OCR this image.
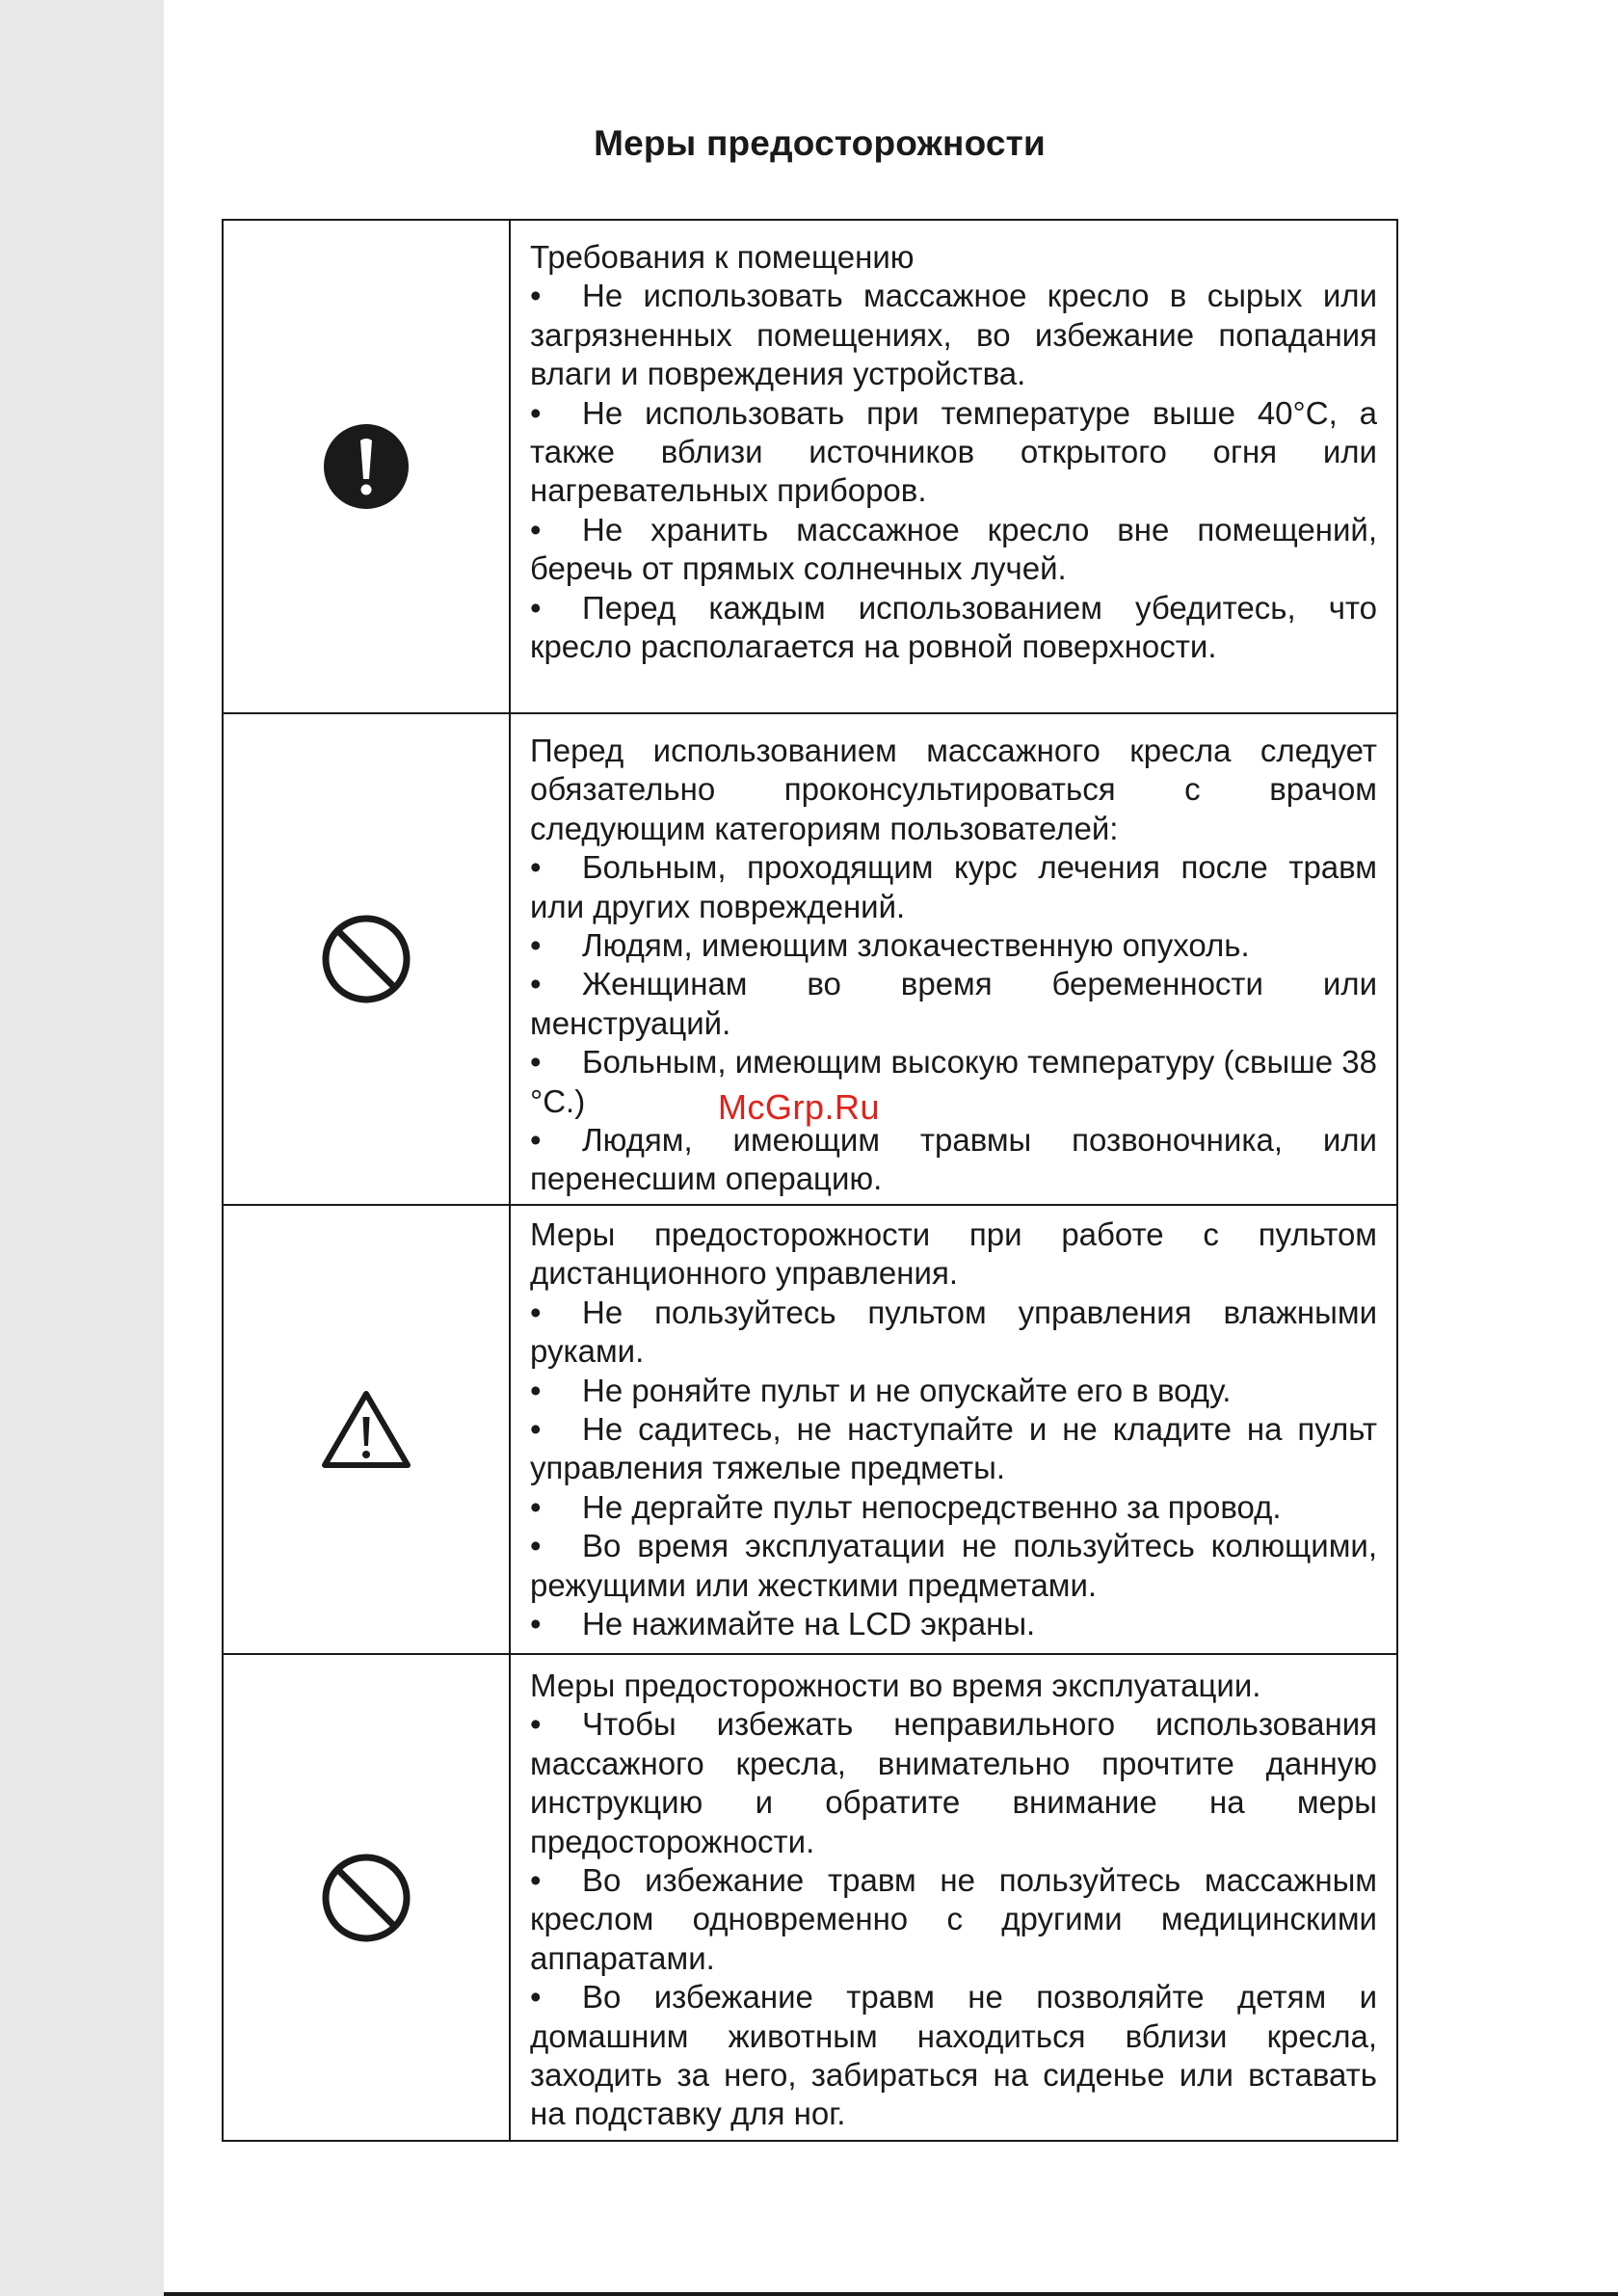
Меры предосторожности

Требования к помещению

• Не использовать массажное кресло в сырых или загрязненных помещениях, во избежание попадания влаги и повреждения устройства.
• Не использовать при температуре выше 40°С, а также вблизи источников открытого огня или нагревательных приборов.
• Не хранить массажное кресло вне помещений, беречь от прямых солнечных лучей.
• Перед каждым использованием убедитесь, что кресло располагается на ровной поверхности.

Перед использованием массажного кресла следует обязательно проконсультироваться с врачом следующим категориям пользователей:

• Больным, проходящим курс лечения после травм или других повреждений.
• Людям, имеющим злокачественную опухоль.
• Женщинам во время беременности или менструаций.
• Больным, имеющим высокую температуру (свыше 38 °С.)
• Людям, имеющим травмы позвоночника, или перенесшим операцию.

Меры предосторожности при работе с пультом дистанционного управления.

• Не пользуйтесь пультом управления влажными руками.
• Не роняйте пульт и не опускайте его в воду.
• Не садитесь, не наступайте и не кладите на пульт управления тяжелые предметы.
• Не дергайте пульт непосредственно за провод.
• Во время эксплуатации не пользуйтесь колющими, режущими или жесткими предметами.
• Не нажимайте на LCD экраны.

Меры предосторожности во время эксплуатации.

• Чтобы избежать неправильного использования массажного кресла, внимательно прочтите данную инструкцию и обратите внимание на меры предосторожности.
• Во избежание травм не пользуйтесь массажным креслом одновременно с другими медицинскими аппаратами.
• Во избежание травм не позволяйте детям и домашним животным находиться вблизи кресла, заходить за него, забираться на сиденье или вставать на подставку для ног.
McGrp.Ru
